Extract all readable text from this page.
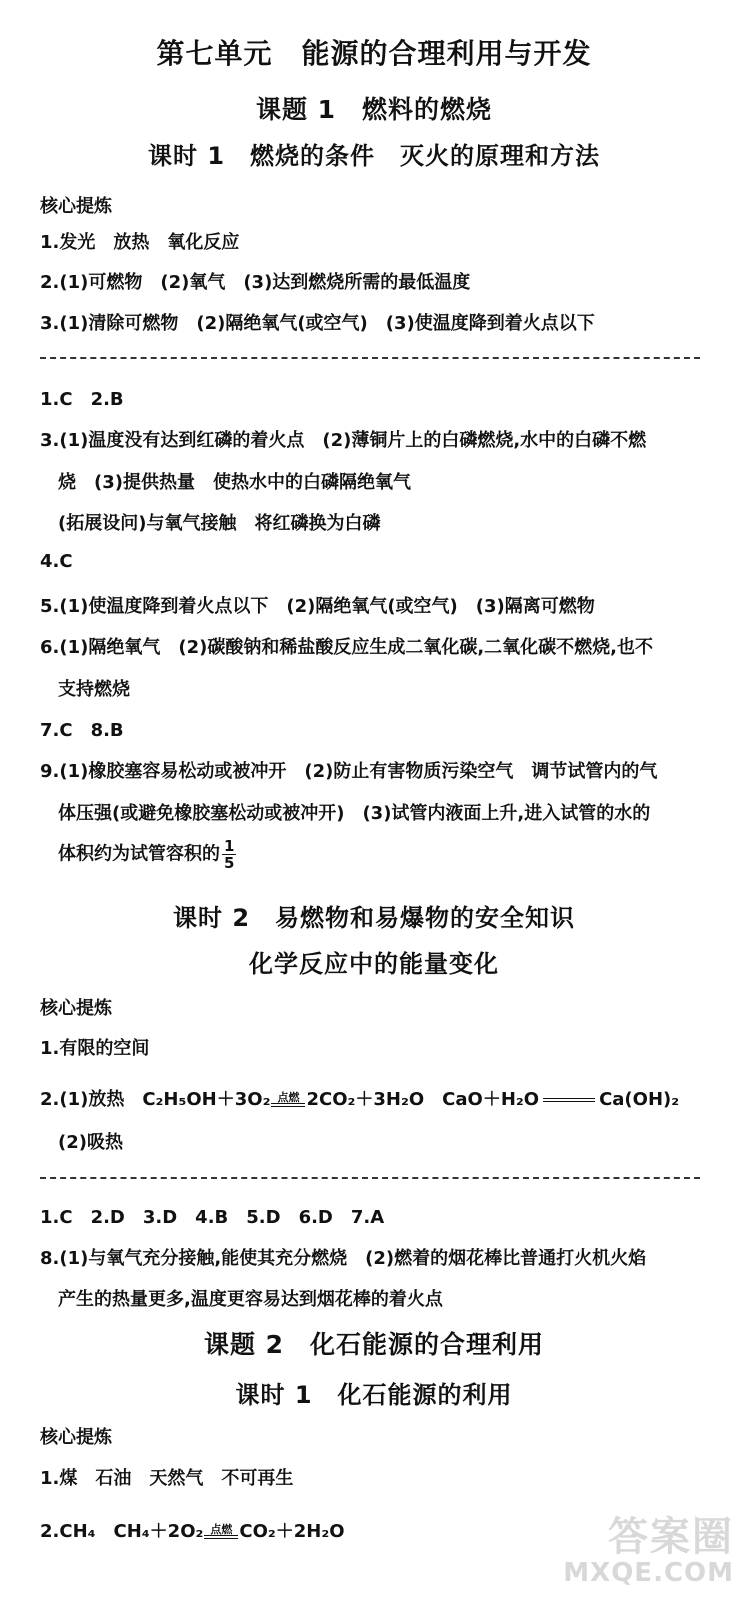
第七单元　能源的合理利用与开发
课题 1　燃料的燃烧
课时 1　燃烧的条件　灭火的原理和方法
核心提炼
1.发光　放热　氧化反应
2.(1)可燃物　(2)氧气　(3)达到燃烧所需的最低温度
3.(1)清除可燃物　(2)隔绝氧气(或空气)　(3)使温度降到着火点以下
1.C　2.B
3.(1)温度没有达到红磷的着火点　(2)薄铜片上的白磷燃烧,水中的白磷不燃
烧　(3)提供热量　使热水中的白磷隔绝氧气
(拓展设问)与氧气接触　将红磷换为白磷
4.C
5.(1)使温度降到着火点以下　(2)隔绝氧气(或空气)　(3)隔离可燃物
6.(1)隔绝氧气　(2)碳酸钠和稀盐酸反应生成二氧化碳,二氧化碳不燃烧,也不
支持燃烧
7.C　8.B
9.(1)橡胶塞容易松动或被冲开　(2)防止有害物质污染空气　调节试管内的气
体压强(或避免橡胶塞松动或被冲开)　(3)试管内液面上升,进入试管的水的
体积约为试管容积的 $\frac{1}{5}$
课时 2　易燃物和易爆物的安全知识
化学反应中的能量变化
核心提炼
1.有限的空间
2.(1)放热　C₂H₅OH＋3O₂ 点燃 2CO₂＋3H₂O　CaO＋H₂O	Ca(OH)₂
(2)吸热
1.C　2.D　3.D　4.B　5.D　6.D　7.A
8.(1)与氧气充分接触,能使其充分燃烧　(2)燃着的烟花棒比普通打火机火焰
产生的热量更多,温度更容易达到烟花棒的着火点
课题 2　化石能源的合理利用
课时 1　化石能源的利用
核心提炼
1.煤　石油　天然气　不可再生
2.CH₄　CH₄＋2O₂ 点燃 CO₂＋2H₂O	答案圈
MXQE.COM
